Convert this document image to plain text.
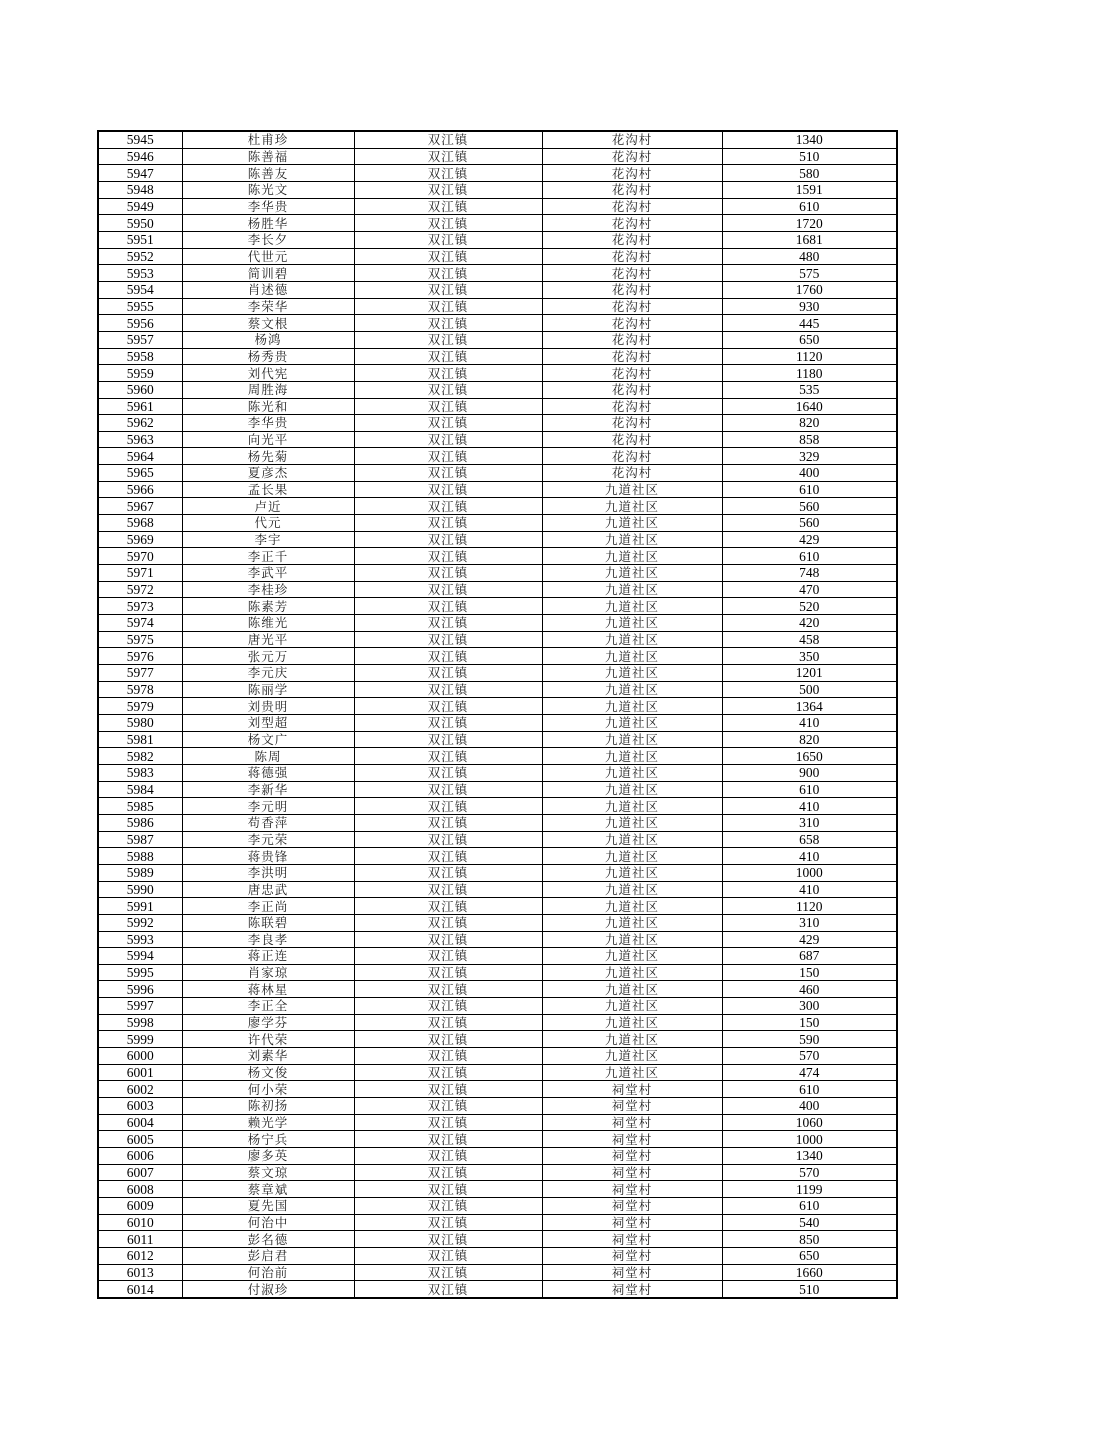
5945	杜甫珍	双江镇	花沟村	1340
5946	陈善福	双江镇	花沟村	510
5947	陈善友	双江镇	花沟村	580
5948	陈光文	双江镇	花沟村	1591
5949	李华贵	双江镇	花沟村	610
5950	杨胜华	双江镇	花沟村	1720
5951	李长夕	双江镇	花沟村	1681
5952	代世元	双江镇	花沟村	480
5953	简训碧	双江镇	花沟村	575
5954	肖述德	双江镇	花沟村	1760
5955	李荣华	双江镇	花沟村	930
5956	蔡文根	双江镇	花沟村	445
5957	杨鸿	双江镇	花沟村	650
5958	杨秀贵	双江镇	花沟村	1120
5959	刘代宪	双江镇	花沟村	1180
5960	周胜海	双江镇	花沟村	535
5961	陈光和	双江镇	花沟村	1640
5962	李华贵	双江镇	花沟村	820
5963	向光平	双江镇	花沟村	858
5964	杨先菊	双江镇	花沟村	329
5965	夏彦杰	双江镇	花沟村	400
5966	孟长果	双江镇	九道社区	610
5967	卢近	双江镇	九道社区	560
5968	代元	双江镇	九道社区	560
5969	李宇	双江镇	九道社区	429
5970	李正千	双江镇	九道社区	610
5971	李武平	双江镇	九道社区	748
5972	李桂珍	双江镇	九道社区	470
5973	陈素芳	双江镇	九道社区	520
5974	陈维光	双江镇	九道社区	420
5975	唐光平	双江镇	九道社区	458
5976	张元万	双江镇	九道社区	350
5977	李元庆	双江镇	九道社区	1201
5978	陈丽学	双江镇	九道社区	500
5979	刘贵明	双江镇	九道社区	1364
5980	刘型超	双江镇	九道社区	410
5981	杨文广	双江镇	九道社区	820
5982	陈周	双江镇	九道社区	1650
5983	蒋德强	双江镇	九道社区	900
5984	李新华	双江镇	九道社区	610
5985	李元明	双江镇	九道社区	410
5986	苟香萍	双江镇	九道社区	310
5987	李元荣	双江镇	九道社区	658
5988	蒋贵锋	双江镇	九道社区	410
5989	李洪明	双江镇	九道社区	1000
5990	唐忠武	双江镇	九道社区	410
5991	李正尚	双江镇	九道社区	1120
5992	陈联碧	双江镇	九道社区	310
5993	李良孝	双江镇	九道社区	429
5994	蒋正连	双江镇	九道社区	687
5995	肖家琼	双江镇	九道社区	150
5996	蒋林星	双江镇	九道社区	460
5997	李正全	双江镇	九道社区	300
5998	廖学芬	双江镇	九道社区	150
5999	许代荣	双江镇	九道社区	590
6000	刘素华	双江镇	九道社区	570
6001	杨文俊	双江镇	九道社区	474
6002	何小荣	双江镇	祠堂村	610
6003	陈初扬	双江镇	祠堂村	400
6004	赖光学	双江镇	祠堂村	1060
6005	杨宁兵	双江镇	祠堂村	1000
6006	廖多英	双江镇	祠堂村	1340
6007	蔡文琼	双江镇	祠堂村	570
6008	蔡章斌	双江镇	祠堂村	1199
6009	夏先国	双江镇	祠堂村	610
6010	何治中	双江镇	祠堂村	540
6011	彭名德	双江镇	祠堂村	850
6012	彭启君	双江镇	祠堂村	650
6013	何治前	双江镇	祠堂村	1660
6014	付淑珍	双江镇	祠堂村	510
